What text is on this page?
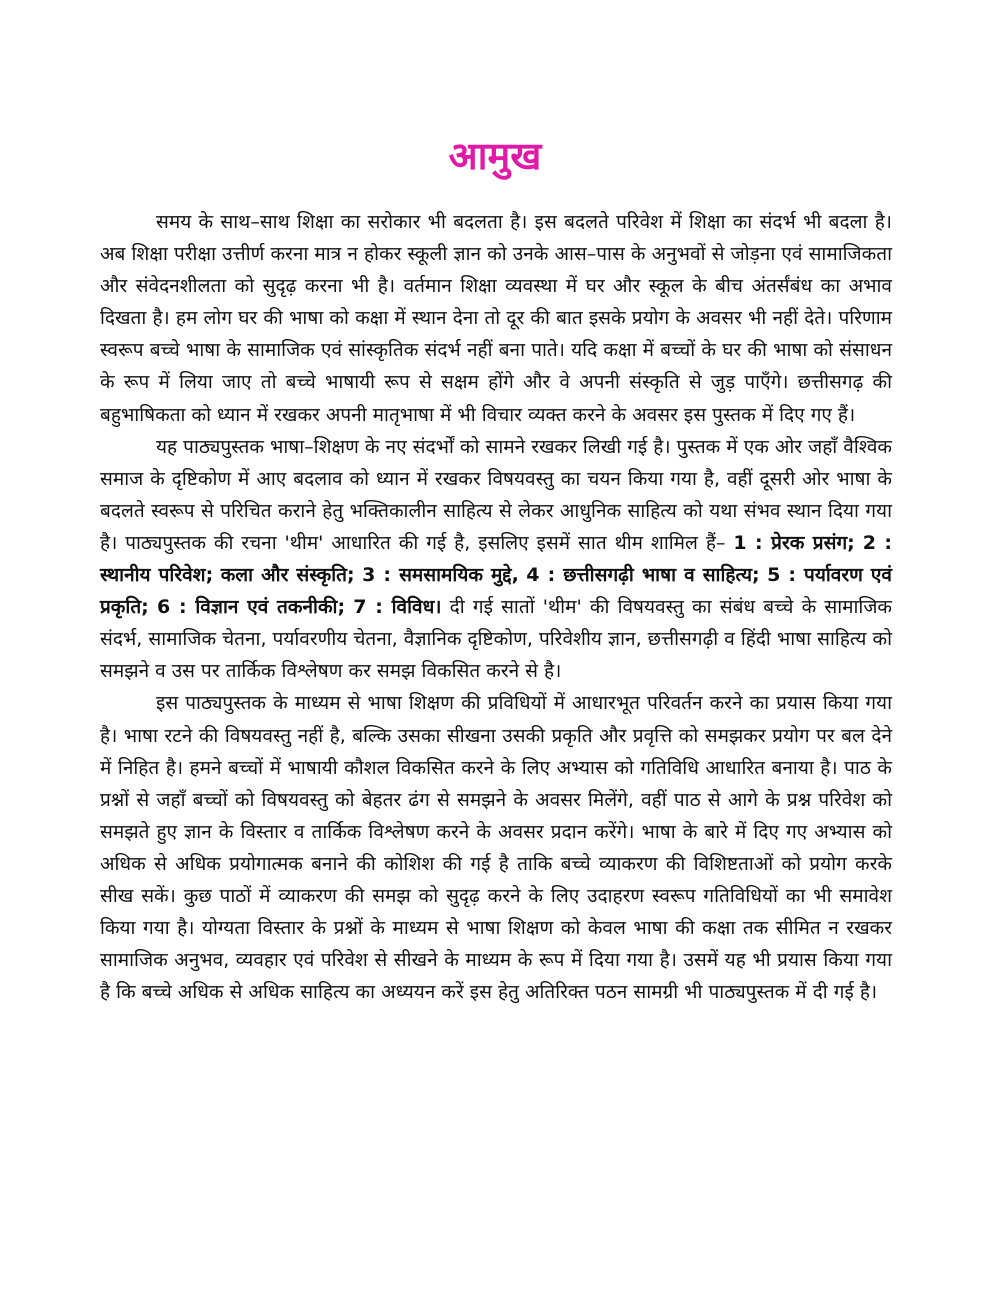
आमुख

समय के साथ–साथ शिक्षा का सरोकार भी बदलता है। इस बदलते परिवेश में शिक्षा का संदर्भ भी बदला है। अब शिक्षा परीक्षा उत्तीर्ण करना मात्र न होकर स्कूली ज्ञान को उनके आस–पास के अनुभवों से जोड़ना एवं सामाजिकता और संवेदनशीलता को सुदृढ़ करना भी है। वर्तमान शिक्षा व्यवस्था में घर और स्कूल के बीच अंतर्संबंध का अभाव दिखता है। हम लोग घर की भाषा को कक्षा में स्थान देना तो दूर की बात इसके प्रयोग के अवसर भी नहीं देते। परिणाम स्वरूप बच्चे भाषा के सामाजिक एवं सांस्कृतिक संदर्भ नहीं बना पाते। यदि कक्षा में बच्चों के घर की भाषा को संसाधन के रूप में लिया जाए तो बच्चे भाषायी रूप से सक्षम होंगे और वे अपनी संस्कृति से जुड़ पाएँगे। छत्तीसगढ़ की बहुभाषिकता को ध्यान में रखकर अपनी मातृभाषा में भी विचार व्यक्त करने के अवसर इस पुस्तक में दिए गए हैं।

यह पाठ्यपुस्तक भाषा–शिक्षण के नए संदर्भों को सामने रखकर लिखी गई है। पुस्तक में एक ओर जहाँ वैश्विक समाज के दृष्टिकोण में आए बदलाव को ध्यान में रखकर विषयवस्तु का चयन किया गया है, वहीं दूसरी ओर भाषा के बदलते स्वरूप से परिचित कराने हेतु भक्तिकालीन साहित्य से लेकर आधुनिक साहित्य को यथा संभव स्थान दिया गया है। पाठ्यपुस्तक की रचना 'थीम' आधारित की गई है, इसलिए इसमें सात थीम शामिल हैं– 1 : प्रेरक प्रसंग; 2 : स्थानीय परिवेश; कला और संस्कृति; 3 : समसामयिक मुद्दे, 4 : छत्तीसगढ़ी भाषा व साहित्य; 5 : पर्यावरण एवं प्रकृति; 6 : विज्ञान एवं तकनीकी; 7 : विविध। दी गई सातों 'थीम' की विषयवस्तु का संबंध बच्चे के सामाजिक संदर्भ, सामाजिक चेतना, पर्यावरणीय चेतना, वैज्ञानिक दृष्टिकोण, परिवेशीय ज्ञान, छत्तीसगढ़ी व हिंदी भाषा साहित्य को समझने व उस पर तार्किक विश्लेषण कर समझ विकसित करने से है।

इस पाठ्यपुस्तक के माध्यम से भाषा शिक्षण की प्रविधियों में आधारभूत परिवर्तन करने का प्रयास किया गया है। भाषा रटने की विषयवस्तु नहीं है, बल्कि उसका सीखना उसकी प्रकृति और प्रवृत्ति को समझकर प्रयोग पर बल देने में निहित है। हमने बच्चों में भाषायी कौशल विकसित करने के लिए अभ्यास को गतिविधि आधारित बनाया है। पाठ के प्रश्नों से जहाँ बच्चों को विषयवस्तु को बेहतर ढंग से समझने के अवसर मिलेंगे, वहीं पाठ से आगे के प्रश्न परिवेश को समझते हुए ज्ञान के विस्तार व तार्किक विश्लेषण करने के अवसर प्रदान करेंगे। भाषा के बारे में दिए गए अभ्यास को अधिक से अधिक प्रयोगात्मक बनाने की कोशिश की गई है ताकि बच्चे व्याकरण की विशिष्टताओं को प्रयोग करके सीख सकें। कुछ पाठों में व्याकरण की समझ को सुदृढ़ करने के लिए उदाहरण स्वरूप गतिविधियों का भी समावेश किया गया है। योग्यता विस्तार के प्रश्नों के माध्यम से भाषा शिक्षण को केवल भाषा की कक्षा तक सीमित न रखकर सामाजिक अनुभव, व्यवहार एवं परिवेश से सीखने के माध्यम के रूप में दिया गया है। उसमें यह भी प्रयास किया गया है कि बच्चे अधिक से अधिक साहित्य का अध्ययन करें इस हेतु अतिरिक्त पठन सामग्री भी पाठ्यपुस्तक में दी गई है।
